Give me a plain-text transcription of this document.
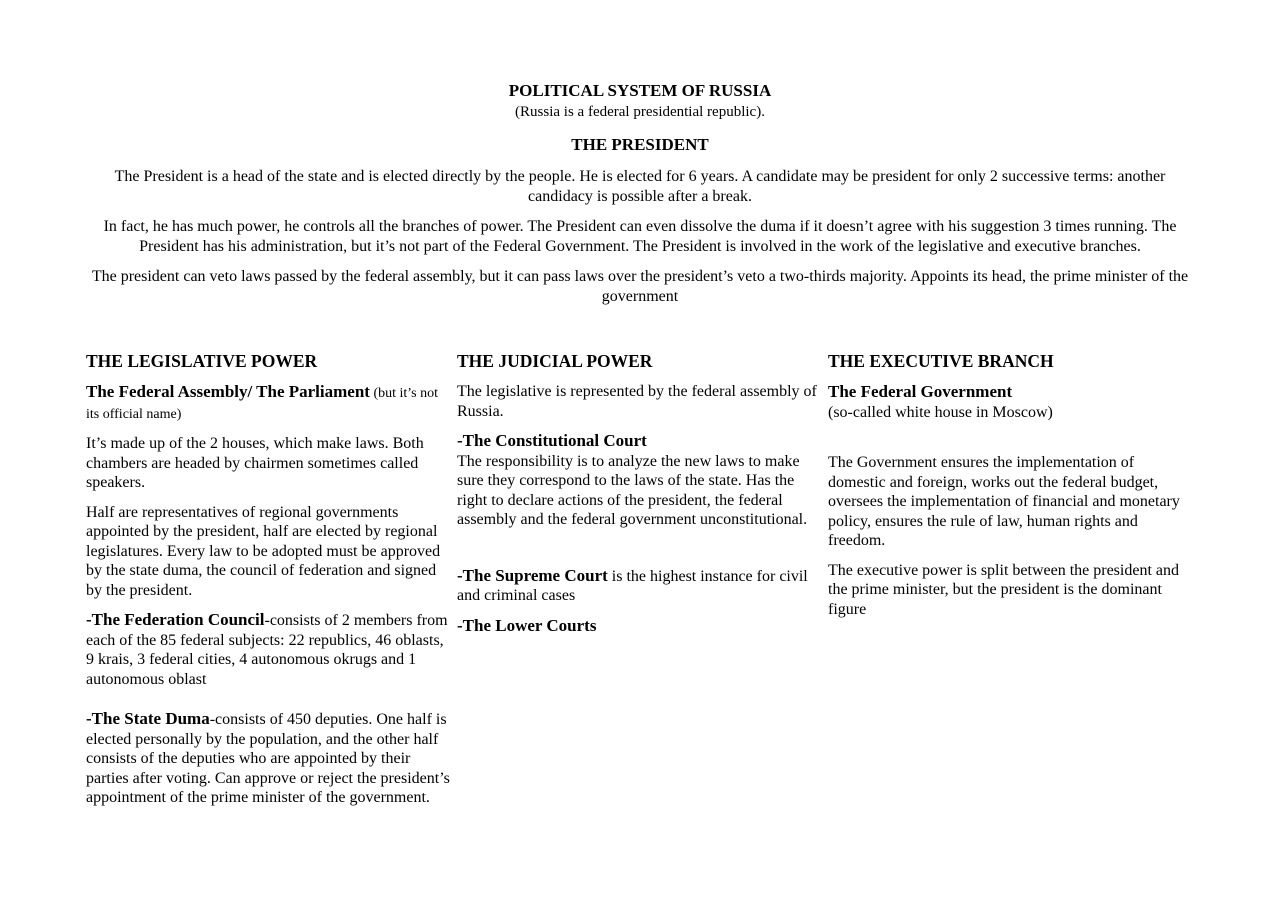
POLITICAL SYSTEM OF RUSSIA

(Russia is a federal presidential republic).

THE PRESIDENT

The President is a head of the state and is elected directly by the people. He is elected for 6 years. A candidate may be president for only 2 successive terms: another candidacy is possible after a break.

In fact, he has much power, he controls all the branches of power. The President can even dissolve the duma if it doesn’t agree with his suggestion 3 times running. The President has his administration, but it’s not part of the Federal Government. The President is involved in the work of the legislative and executive branches.

The president can veto laws passed by the federal assembly, but it can pass laws over the president’s veto a two-thirds majority. Appoints its head, the prime minister of the government

THE LEGISLATIVE POWER

The Federal Assembly/ The Parliament (but it’s not its official name)

It’s made up of the 2 houses, which make laws. Both chambers are headed by chairmen sometimes called speakers.

Half are representatives of regional governments appointed by the president, half are elected by regional legislatures. Every law to be adopted must be approved by the state duma, the council of federation and signed by the president.

-The Federation Council-consists of 2 members from each of the 85 federal subjects: 22 republics, 46 oblasts, 9 krais, 3 federal cities, 4 autonomous okrugs and 1 autonomous oblast

-The State Duma-consists of 450 deputies. One half is elected personally by the population, and the other half consists of the deputies who are appointed by their parties after voting. Can approve or reject the president’s appointment of the prime minister of the government.

THE JUDICIAL POWER

The legislative is represented by the federal assembly of Russia.

-The Constitutional Court
The responsibility is to analyze the new laws to make sure they correspond to the laws of the state. Has the right to declare actions of the president, the federal assembly and the federal government unconstitutional.

-The Supreme Court is the highest instance for civil and criminal cases

-The Lower Courts

THE EXECUTIVE BRANCH

The Federal Government
(so-called white house in Moscow)

The Government ensures the implementation of domestic and foreign, works out the federal budget, oversees the implementation of financial and monetary policy, ensures the rule of law, human rights and freedom.

The executive power is split between the president and the prime minister, but the president is the dominant figure
